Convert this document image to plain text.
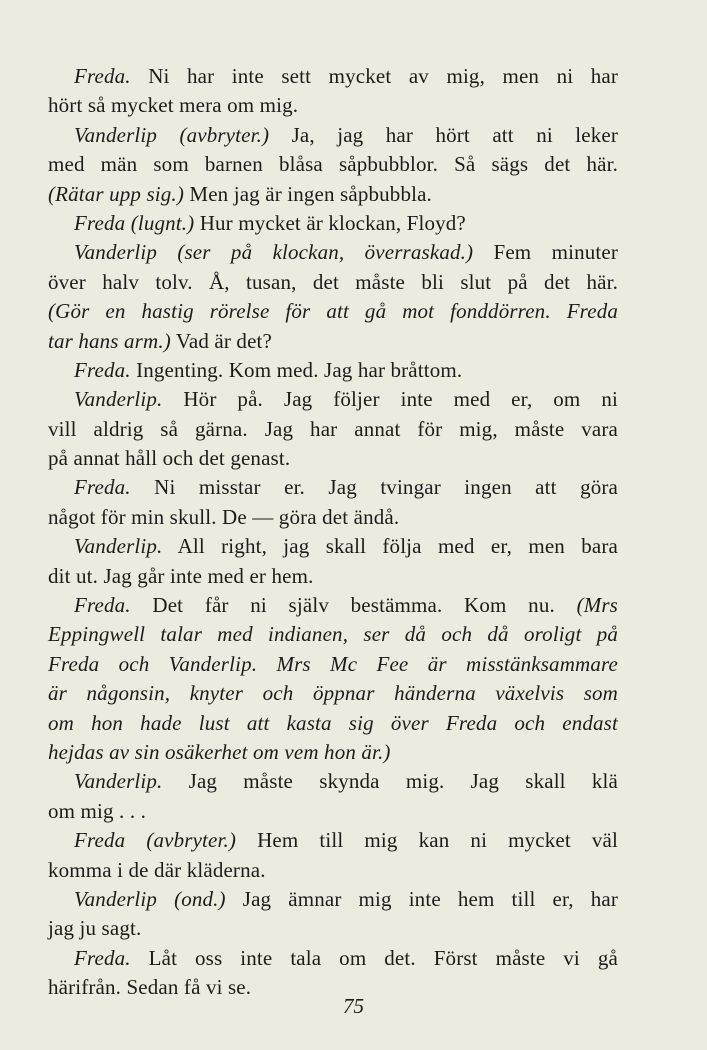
Freda. Ni har inte sett mycket av mig, men ni har
hört så mycket mera om mig.
Vanderlip (avbryter.) Ja, jag har hört att ni leker
med män som barnen blåsa såpbubblor. Så sägs det här.
(Rätar upp sig.) Men jag är ingen såpbubbla.
Freda (lugnt.) Hur mycket är klockan, Floyd?
Vanderlip (ser på klockan, överraskad.) Fem minuter
över halv tolv. Å, tusan, det måste bli slut på det här.
(Gör en hastig rörelse för att gå mot fonddörren. Freda
tar hans arm.) Vad är det?
Freda. Ingenting. Kom med. Jag har bråttom.
Vanderlip. Hör på. Jag följer inte med er, om ni
vill aldrig så gärna. Jag har annat för mig, måste vara
på annat håll och det genast.
Freda. Ni misstar er. Jag tvingar ingen att göra
något för min skull. De — göra det ändå.
Vanderlip. All right, jag skall följa med er, men bara
dit ut. Jag går inte med er hem.
Freda. Det får ni själv bestämma. Kom nu. (Mrs
Eppingwell talar med indianen, ser då och då oroligt på
Freda och Vanderlip. Mrs Mc Fee är misstänksammare
är någonsin, knyter och öppnar händerna växelvis som
om hon hade lust att kasta sig över Freda och endast
hejdas av sin osäkerhet om vem hon är.)
Vanderlip. Jag måste skynda mig. Jag skall klä
om mig . . .
Freda (avbryter.) Hem till mig kan ni mycket väl
komma i de där kläderna.
Vanderlip (ond.) Jag ämnar mig inte hem till er, har
jag ju sagt.
Freda. Låt oss inte tala om det. Först måste vi gå
härifrån. Sedan få vi se.
75
